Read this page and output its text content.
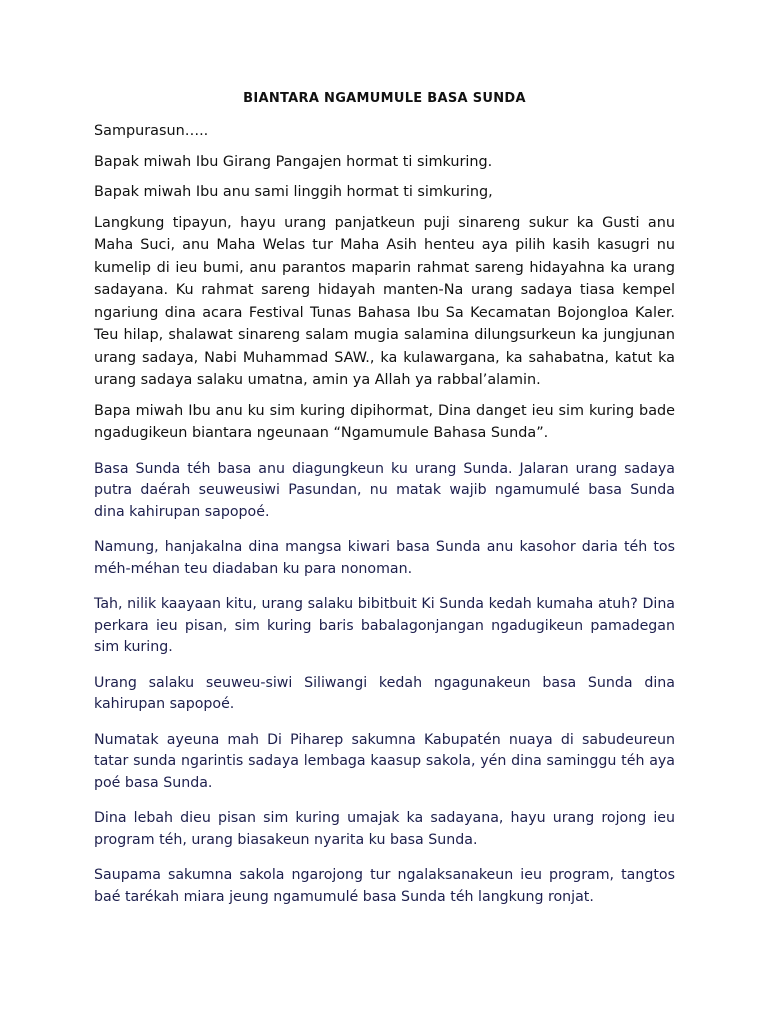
BIANTARA NGAMUMULE BASA SUNDA

Sampurasun…..

Bapak miwah Ibu Girang Pangajen hormat ti simkuring.

Bapak miwah Ibu anu sami linggih hormat ti simkuring,

Langkung tipayun, hayu urang panjatkeun puji sinareng sukur ka Gusti anu Maha Suci, anu Maha Welas tur Maha Asih henteu aya pilih kasih kasugri nu kumelip di ieu bumi, anu parantos maparin rahmat sareng hidayahna ka urang sadayana. Ku rahmat sareng hidayah manten-Na urang sadaya tiasa kempel ngariung dina acara Festival Tunas Bahasa Ibu Sa Kecamatan Bojongloa Kaler. Teu hilap, shalawat sinareng salam mugia salamina dilungsurkeun ka jungjunan urang sadaya, Nabi Muhammad SAW., ka kulawargana, ka sahabatna, katut ka urang sadaya salaku umatna, amin ya Allah ya rabbal’alamin.

Bapa miwah Ibu anu ku sim kuring dipihormat, Dina danget ieu sim kuring bade ngadugikeun biantara ngeunaan “Ngamumule Bahasa Sunda”.

Basa Sunda téh basa anu diagungkeun ku urang Sunda. Jalaran urang sadaya putra daérah seuweusiwi Pasundan, nu matak wajib ngamumulé basa Sunda dina kahirupan sapopoé.

Namung, hanjakalna dina mangsa kiwari basa Sunda anu kasohor daria téh tos méh-méhan teu diadaban ku para nonoman.

Tah, nilik kaayaan kitu, urang salaku bibitbuit Ki Sunda kedah kumaha atuh? Dina perkara ieu pisan, sim kuring baris babalagonjangan ngadugikeun pamadegan sim kuring.

Urang salaku seuweu-siwi Siliwangi kedah ngagunakeun basa Sunda dina kahirupan sapopoé.

Numatak ayeuna mah Di Piharep sakumna Kabupatén nuaya di sabudeureun tatar sunda ngarintis sadaya lembaga kaasup sakola, yén dina saminggu téh aya poé basa Sunda.

Dina lebah dieu pisan sim kuring umajak ka sadayana, hayu urang rojong ieu program téh, urang biasakeun nyarita ku basa Sunda.

Saupama sakumna sakola ngarojong tur ngalaksanakeun ieu program, tangtos baé tarékah miara jeung ngamumulé basa Sunda téh langkung ronjat.
